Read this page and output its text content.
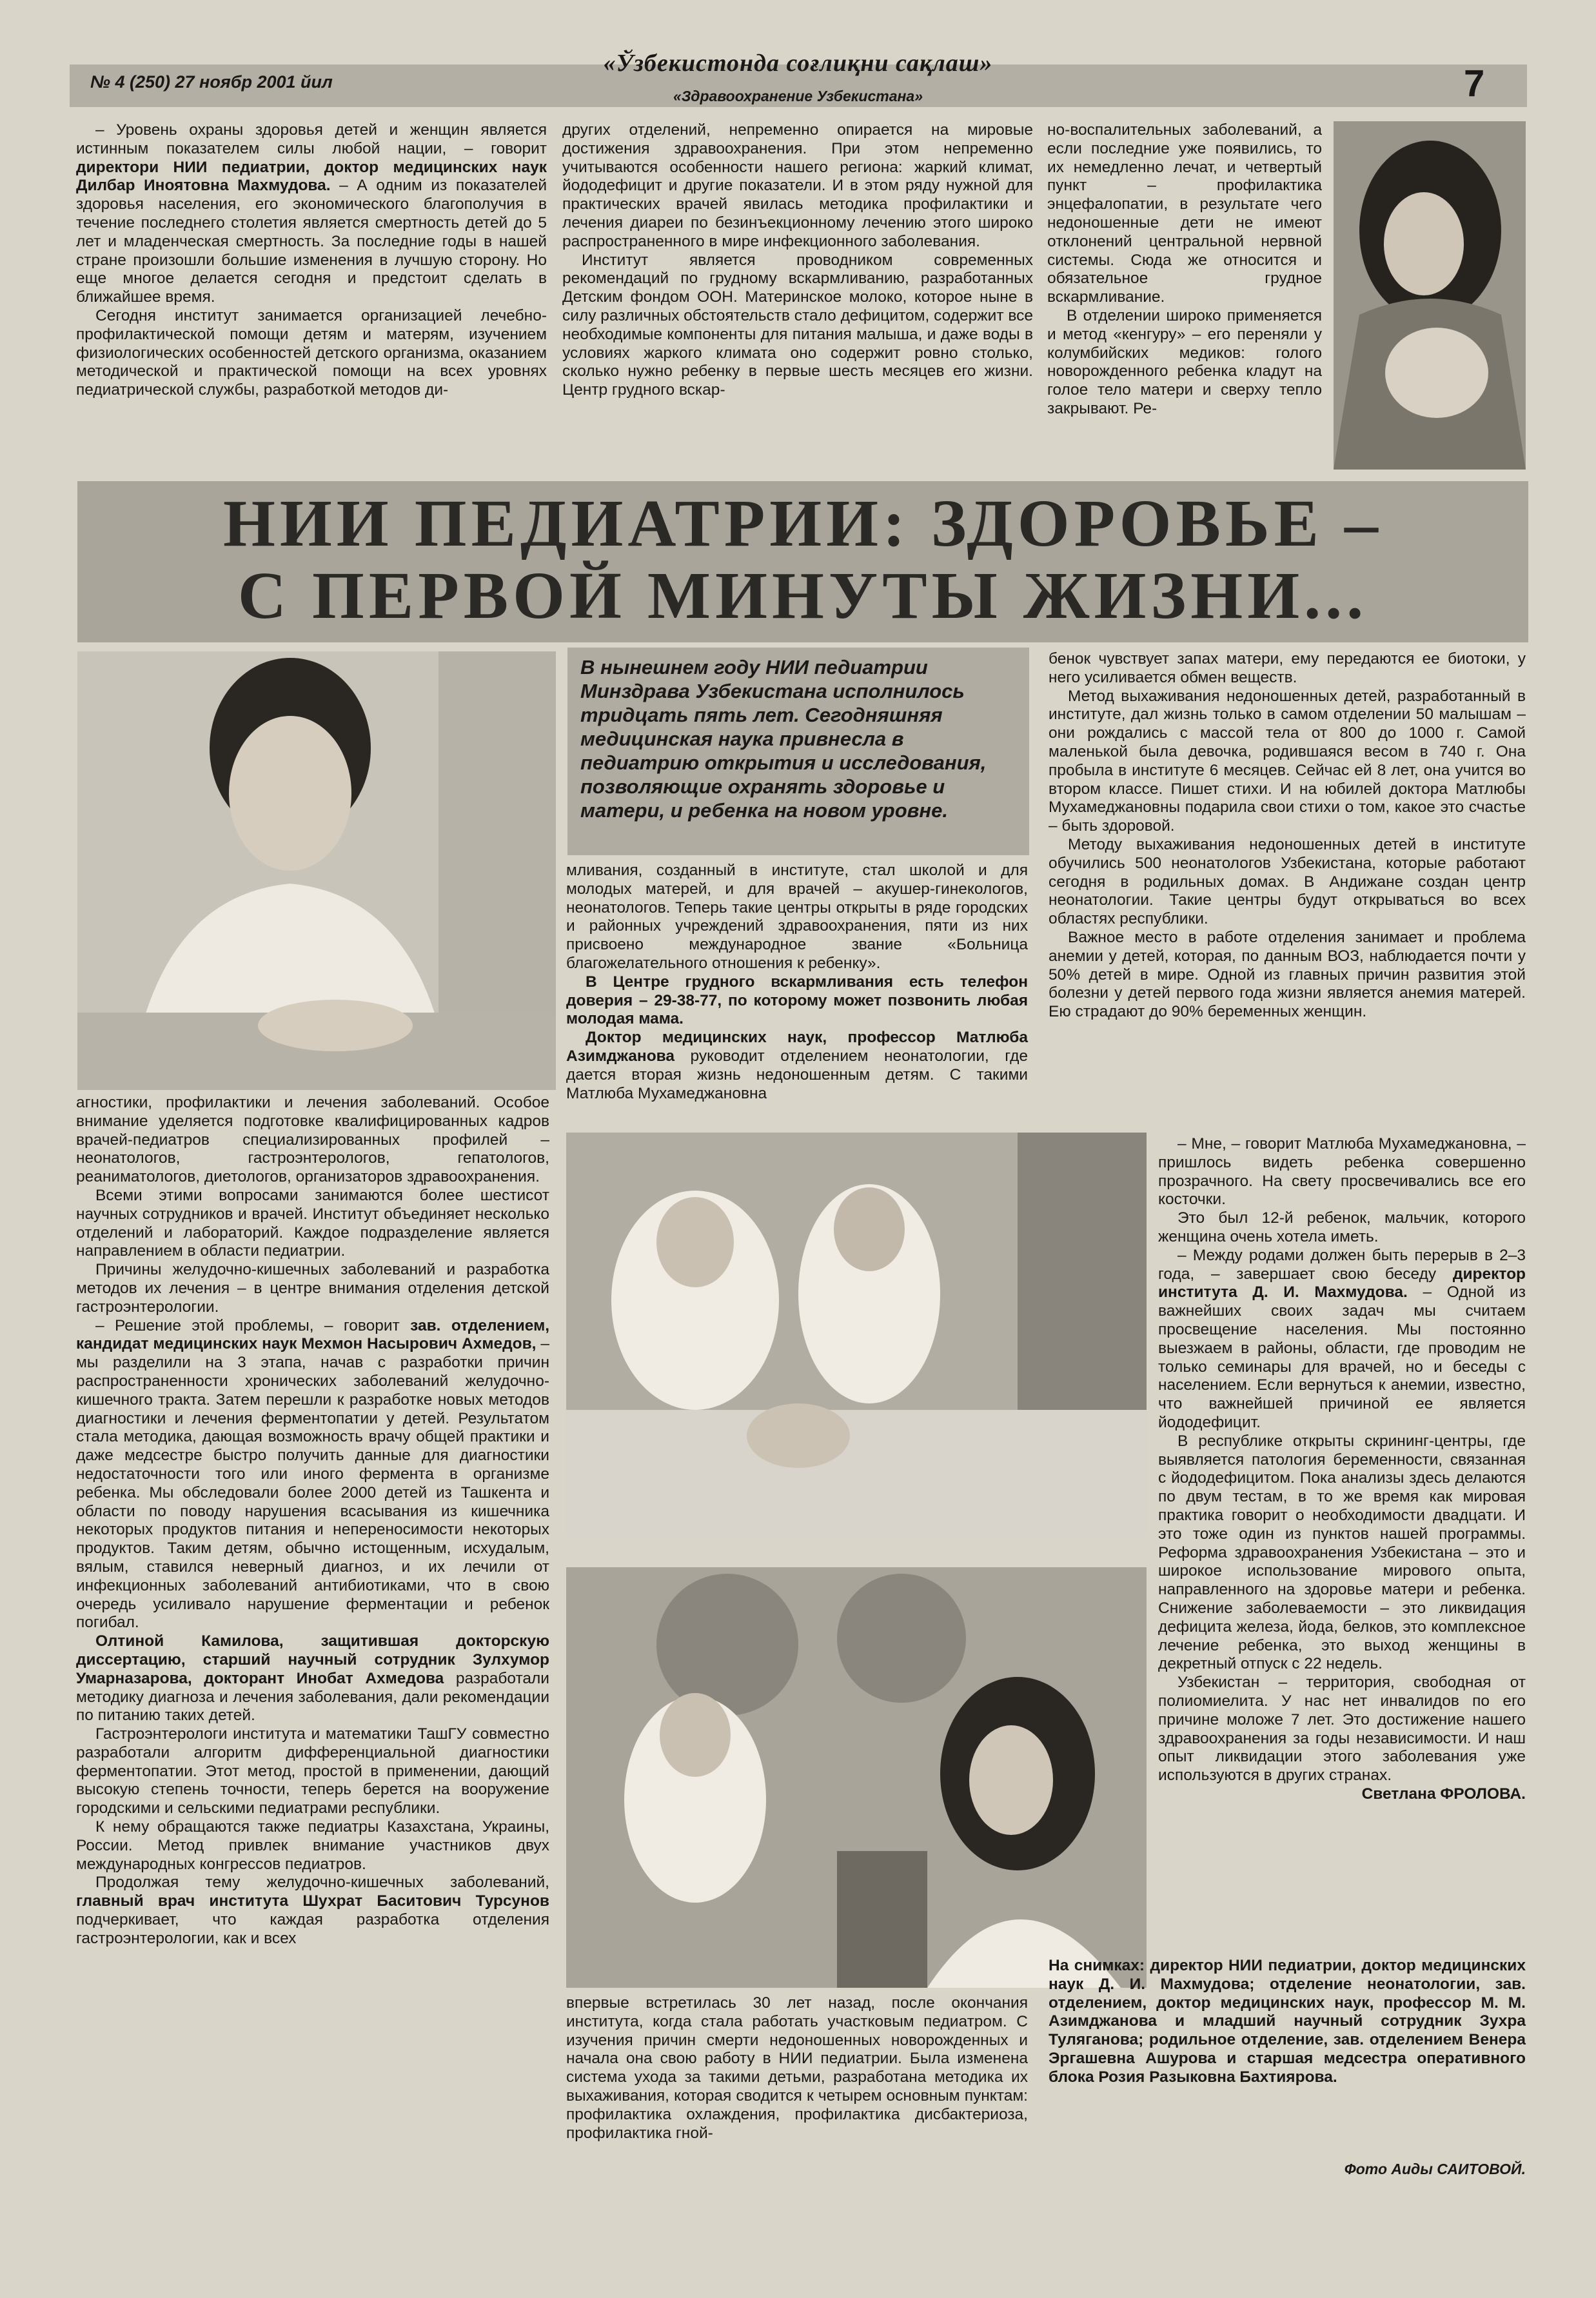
№ 4 (250) 27 ноябр 2001 йил
«Ўзбекистонда соғлиқни сақлаш»
«Здравоохранение Узбекистана»	7

– Уровень охраны здоровья детей и женщин является истинным показателем силы любой нации, – говорит директори НИИ педиатрии, доктор медицинских наук Дилбар Иноятовна Махмудова. – А одним из показателей здоровья населения, его экономического благополучия в течение последнего столетия является смертность детей до 5 лет и младенческая смертность. За последние годы в нашей стране произошли большие изменения в лучшую сторону. Но еще многое делается сегодня и предстоит сделать в ближайшее время.

Сегодня институт занимается организацией лечебно-профилактической помощи детям и матерям, изучением физиологических особенностей детского организма, оказанием методической и практической помощи на всех уровнях педиатрической службы, разработкой методов ди-

других отделений, непременно опирается на мировые достижения здравоохранения. При этом непременно учитываются особенности нашего региона: жаркий климат, йододефицит и другие показатели. И в этом ряду нужной для практических врачей явилась методика профилактики и лечения диареи по безинъекционному лечению этого широко распространенного в мире инфекционного заболевания.

Институт является проводником современных рекомендаций по грудному вскармливанию, разработанных Детским фондом ООН. Материнское молоко, которое ныне в силу различных обстоятельств стало дефицитом, содержит все необходимые компоненты для питания малыша, и даже воды в условиях жаркого климата оно содержит ровно столько, сколько нужно ребенку в первые шесть месяцев его жизни. Центр грудного вскар-

но-воспалительных заболеваний, а если последние уже появились, то их немедленно лечат, и четвертый пункт – профилактика энцефалопатии, в результате чего недоношенные дети не имеют отклонений центральной нервной системы. Сюда же относится и обязательное грудное вскармливание.

В отделении широко применяется и метод «кенгуру» – его переняли у колумбийских медиков: голого новорожденного ребенка кладут на голое тело матери и сверху тепло закрывают. Ре-

НИИ ПЕДИАТРИИ: ЗДОРОВЬЕ –
С ПЕРВОЙ МИНУТЫ ЖИЗНИ...
В нынешнем году НИИ педиатрии Минздрава Узбекистана исполнилось тридцать пять лет. Сегодняшняя медицинская наука привнесла в педиатрию открытия и исследования, позволяющие охранять здоровье и матери, и ребенка на новом уровне.

агностики, профилактики и лечения заболеваний. Особое внимание уделяется подготовке квалифицированных кадров врачей-педиатров специализированных профилей – неонатологов, гастроэнтерологов, гепатологов, реаниматологов, диетологов, организаторов здравоохранения.

Всеми этими вопросами занимаются более шестисот научных сотрудников и врачей. Институт объединяет несколько отделений и лабораторий. Каждое подразделение является направлением в области педиатрии.

Причины желудочно-кишечных заболеваний и разработка методов их лечения – в центре внимания отделения детской гастроэнтерологии.

– Решение этой проблемы, – говорит зав. отделением, кандидат медицинских наук Мехмон Насырович Ахмедов, – мы разделили на 3 этапа, начав с разработки причин распространенности хронических заболеваний желудочно-кишечного тракта. Затем перешли к разработке новых методов диагностики и лечения ферментопатии у детей. Результатом стала методика, дающая возможность врачу общей практики и даже медсестре быстро получить данные для диагностики недостаточности того или иного фермента в организме ребенка. Мы обследовали более 2000 детей из Ташкента и области по поводу нарушения всасывания из кишечника некоторых продуктов питания и непереносимости некоторых продуктов. Таким детям, обычно истощенным, исхудалым, вялым, ставился неверный диагноз, и их лечили от инфекционных заболеваний антибиотиками, что в свою очередь усиливало нарушение ферментации и ребенок погибал.

Олтиной Камилова, защитившая докторскую диссертацию, старший научный сотрудник Зулхумор Умарназарова, докторант Инобат Ахмедова разработали методику диагноза и лечения заболевания, дали рекомендации по питанию таких детей.

Гастроэнтерологи института и математики ТашГУ совместно разработали алгоритм дифференциальной диагностики ферментопатии. Этот метод, простой в применении, дающий высокую степень точности, теперь берется на вооружение городскими и сельскими педиатрами республики.

К нему обращаются также педиатры Казахстана, Украины, России. Метод привлек внимание участников двух международных конгрессов педиатров.

Продолжая тему желудочно-кишечных заболеваний, главный врач института Шухрат Баситович Турсунов подчеркивает, что каждая разработка отделения гастроэнтерологии, как и всех

мливания, созданный в институте, стал школой и для молодых матерей, и для врачей – акушер-гинекологов, неонатологов. Теперь такие центры открыты в ряде городских и районных учреждений здравоохранения, пяти из них присвоено международное звание «Больница благожелательного отношения к ребенку».

В Центре грудного вскармливания есть телефон доверия – 29-38-77, по которому может позвонить любая молодая мама.

Доктор медицинских наук, профессор Матлюба Азимджанова руководит отделением неонатологии, где дается вторая жизнь недоношенным детям. С такими Матлюба Мухамеджановна

впервые встретилась 30 лет назад, после окончания института, когда стала работать участковым педиатром. С изучения причин смерти недоношенных новорожденных и начала она свою работу в НИИ педиатрии. Была изменена система ухода за такими детьми, разработана методика их выхаживания, которая сводится к четырем основным пунктам: профилактика охлаждения, профилактика дисбактериоза, профилактика гной-

бенок чувствует запах матери, ему передаются ее биотоки, у него усиливается обмен веществ.

Метод выхаживания недоношенных детей, разработанный в институте, дал жизнь только в самом отделении 50 малышам – они рождались с массой тела от 800 до 1000 г. Самой маленькой была девочка, родившаяся весом в 740 г. Она пробыла в институте 6 месяцев. Сейчас ей 8 лет, она учится во втором классе. Пишет стихи. И на юбилей доктора Матлюбы Мухамеджановны подарила свои стихи о том, какое это счастье – быть здоровой.

Методу выхаживания недоношенных детей в институте обучились 500 неонатологов Узбекистана, которые работают сегодня в родильных домах. В Андижане создан центр неонатологии. Такие центры будут открываться во всех областях республики.

Важное место в работе отделения занимает и проблема анемии у детей, которая, по данным ВОЗ, наблюдается почти у 50% детей в мире. Одной из главных причин развития этой болезни у детей первого года жизни является анемия матерей. Ею страдают до 90% беременных женщин.

– Мне, – говорит Матлюба Мухамеджановна, – пришлось видеть ребенка совершенно прозрачного. На свету просвечивались все его косточки.

Это был 12-й ребенок, мальчик, которого женщина очень хотела иметь.

– Между родами должен быть перерыв в 2–3 года, – завершает свою беседу директор института Д. И. Махмудова. – Одной из важнейших своих задач мы считаем просвещение населения. Мы постоянно выезжаем в районы, области, где проводим не только семинары для врачей, но и беседы с населением. Если вернуться к анемии, известно, что важнейшей причиной ее является йододефицит.

В республике открыты скрининг-центры, где выявляется патология беременности, связанная с йододефицитом. Пока анализы здесь делаются по двум тестам, в то же время как мировая практика говорит о необходимости двадцати. И это тоже один из пунктов нашей программы. Реформа здравоохранения Узбекистана – это и широкое использование мирового опыта, направленного на здоровье матери и ребенка. Снижение заболеваемости – это ликвидация дефицита железа, йода, белков, это комплексное лечение ребенка, это выход женщины в декретный отпуск с 22 недель.

Узбекистан – территория, свободная от полиомиелита. У нас нет инвалидов по его причине моложе 7 лет. Это достижение нашего здравоохранения за годы независимости. И наш опыт ликвидации этого заболевания уже используются в других странах.

Светлана ФРОЛОВА.

На снимках: директор НИИ педиатрии, доктор медицинских наук Д. И. Махмудова; отделение неонатологии, зав. отделением, доктор медицинских наук, профессор М. М. Азимджанова и младший научный сотрудник Зухра Туляганова; родильное отделение, зав. отделением Венера Эргашевна Ашурова и старшая медсестра оперативного блока Розия Разыковна Бахтиярова.
Фото Аиды САИТОВОЙ.
